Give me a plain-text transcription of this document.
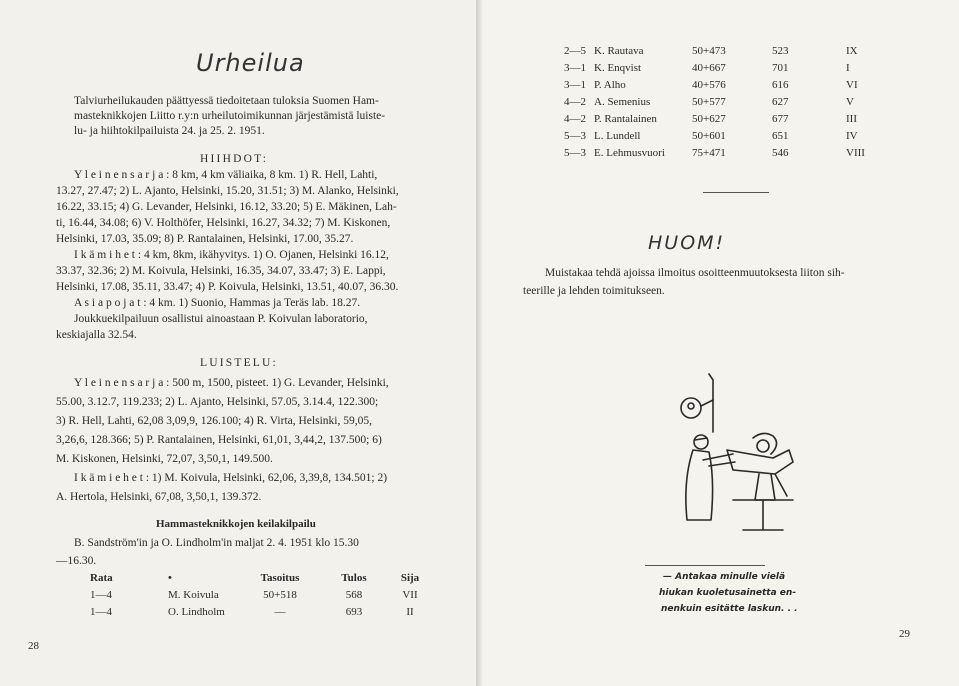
Urheilua
Talviurheilukauden päättyessä tiedoitetaan tuloksia Suomen Ham-
masteknikkojen Liitto r.y:n urheilutoimikunnan järjestämistä luiste-
lu- ja hiihtokilpailuista 24. ja 25. 2. 1951.
HIIHDOT:
Y l e i n e n s a r j a : 8 km, 4 km väliaika, 8 km. 1) R. Hell, Lahti,
13.27, 27.47; 2) L. Ajanto, Helsinki, 15.20, 31.51; 3) M. Alanko, Helsinki,
16.22, 33.15; 4) G. Levander, Helsinki, 16.12, 33.20; 5) E. Mäkinen, Lah-
ti, 16.44, 34.08; 6) V. Holthöfer, Helsinki, 16.27, 34.32; 7) M. Kiskonen,
Helsinki, 17.03, 35.09; 8) P. Rantalainen, Helsinki, 17.00, 35.27.
I k ä m i h e t : 4 km, 8km, ikähyvitys. 1) O. Ojanen, Helsinki 16.12,
33.37, 32.36; 2) M. Koivula, Helsinki, 16.35, 34.07, 33.47; 3) E. Lappi,
Helsinki, 17.08, 35.11, 33.47; 4) P. Koivula, Helsinki, 13.51, 40.07, 36.30.
A s i a p o j a t : 4 km. 1) Suonio, Hammas ja Teräs lab. 18.27.
Joukkuekilpailuun osallistui ainoastaan P. Koivulan laboratorio,
keskiajalla 32.54.
LUISTELU:
Y l e i n e n s a r j a : 500 m, 1500, pisteet. 1) G. Levander, Helsinki,
55.00, 3.12.7, 119.233; 2) L. Ajanto, Helsinki, 57.05, 3.14.4, 122.300;
3) R. Hell, Lahti, 62,08 3,09,9, 126.100; 4) R. Virta, Helsinki, 59,05,
3,26,6, 128.366; 5) P. Rantalainen, Helsinki, 61,01, 3,44,2, 137.500; 6)
M. Kiskonen, Helsinki, 72,07, 3,50,1, 149.500.
I k ä m i e h e t : 1) M. Koivula, Helsinki, 62,06, 3,39,8, 134.501; 2)
A. Hertola, Helsinki, 67,08, 3,50,1, 139.372.
Hammasteknikkojen keilakilpailu
B. Sandström'in ja O. Lindholm'in maljat 2. 4. 1951 klo 15.30
—16.30.
Rata	•	Tasoitus	Tulos	Sija
1—4	M. Koivula	50+518	568	VII
1—4	O. Lindholm	—	693	II
28
2—5	K. Rautava	50+473	523	IX
3—1	K. Enqvist	40+667	701	I
3—1	P. Alho	40+576	616	VI
4—2	A. Semenius	50+577	627	V
4—2	P. Rantalainen	50+627	677	III
5—3	L. Lundell	50+601	651	IV
5—3	E. Lehmusvuori	75+471	546	VIII
HUOM!
Muistakaa tehdä ajoissa ilmoitus osoitteenmuutoksesta liiton sih-
teerille ja lehden toimitukseen.
— Antakaa minulle vielä
hiukan kuoletusainetta en-
nenkuin esitätte laskun. . .
29
